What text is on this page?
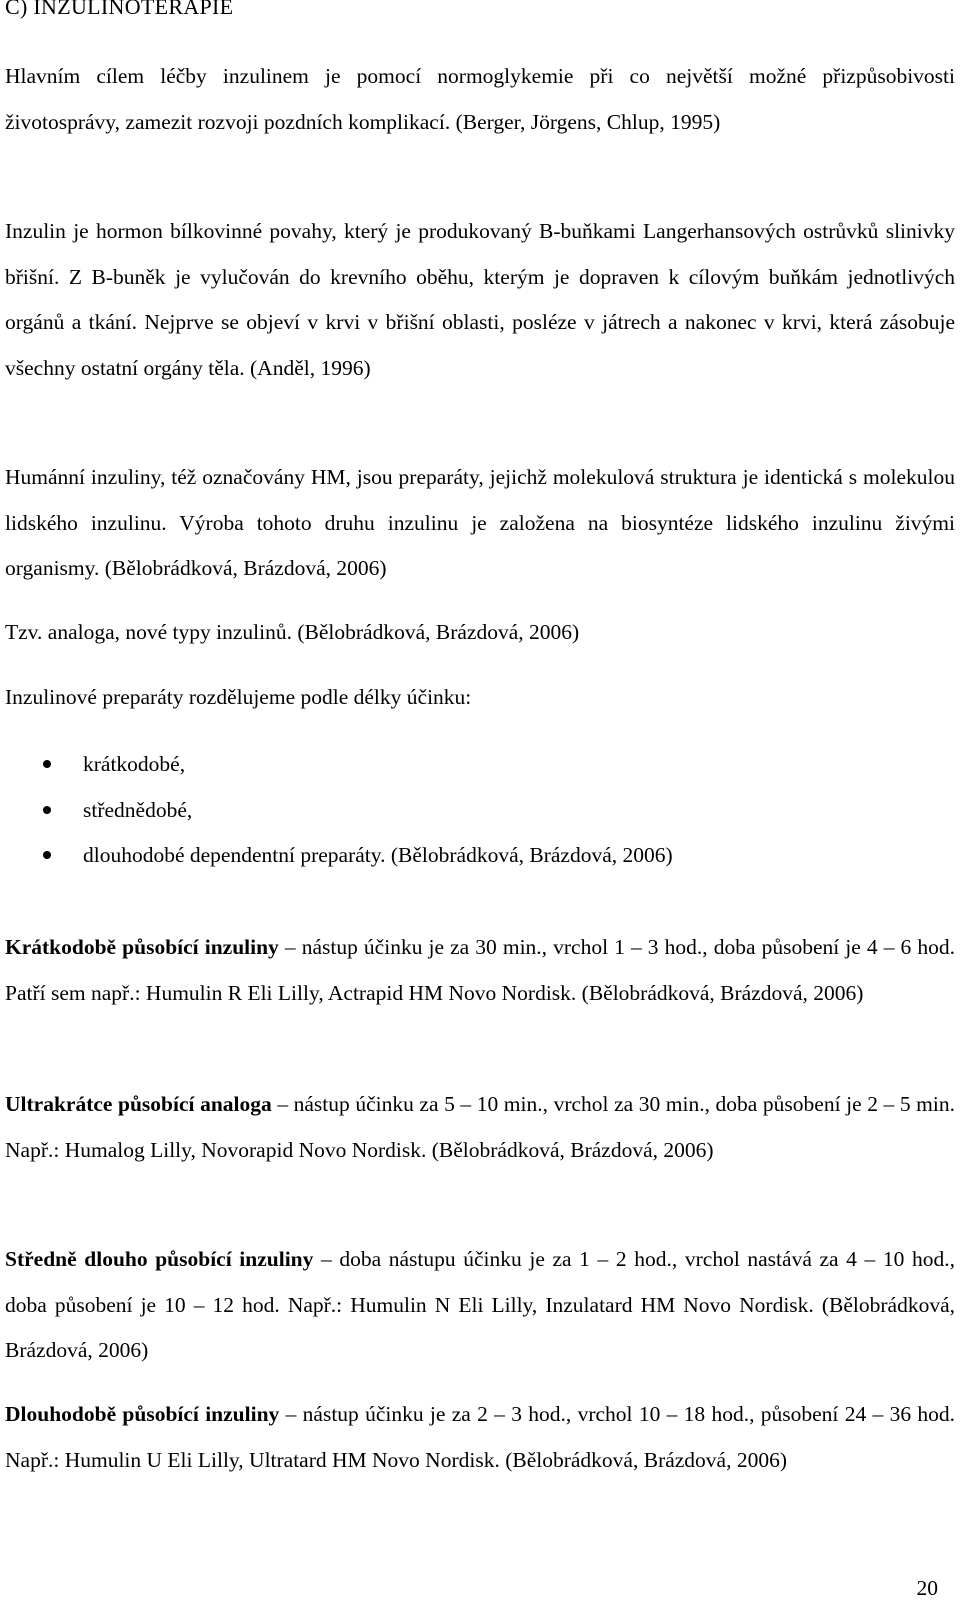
C) INZULINOTERAPIE

Hlavním cílem léčby inzulinem je pomocí normoglykemie při co největší možné přizpůsobivosti životosprávy, zamezit rozvoji pozdních komplikací. (Berger, Jörgens, Chlup, 1995)

Inzulin je hormon bílkovinné povahy, který je produkovaný B-buňkami Langerhansových ostrůvků slinivky břišní. Z B-buněk je vylučován do krevního oběhu, kterým je dopraven k cílovým buňkám jednotlivých orgánů a tkání. Nejprve se objeví v krvi v břišní oblasti, posléze v játrech a nakonec v krvi, která zásobuje všechny ostatní orgány těla. (Anděl, 1996)

Humánní inzuliny, též označovány HM, jsou preparáty, jejichž molekulová struktura je identická s molekulou lidského inzulinu. Výroba tohoto druhu inzulinu je založena na biosyntéze lidského inzulinu živými organismy. (Bělobrádková, Brázdová, 2006)

Tzv. analoga, nové typy inzulinů. (Bělobrádková, Brázdová, 2006)

Inzulinové preparáty rozdělujeme podle délky účinku:

krátkodobé,
střednědobé,
dlouhodobé dependentní preparáty. (Bělobrádková, Brázdová, 2006)

Krátkodobě působící inzuliny – nástup účinku je za 30 min., vrchol 1 – 3 hod., doba působení je 4 – 6 hod. Patří sem např.: Humulin R Eli Lilly, Actrapid HM Novo Nordisk. (Bělobrádková, Brázdová, 2006)

Ultrakrátce působící analoga – nástup účinku za 5 – 10 min., vrchol za 30 min., doba působení je 2 – 5 min. Např.: Humalog Lilly, Novorapid Novo Nordisk. (Bělobrádková, Brázdová, 2006)

Středně dlouho působící inzuliny – doba nástupu účinku je za 1 – 2 hod., vrchol nastává za 4 – 10 hod., doba působení je 10 – 12 hod. Např.: Humulin N Eli Lilly, Inzulatard HM Novo Nordisk. (Bělobrádková, Brázdová, 2006)

Dlouhodobě působící inzuliny – nástup účinku je za 2 – 3 hod., vrchol 10 – 18 hod., působení 24 – 36 hod. Např.: Humulin U Eli Lilly, Ultratard HM Novo Nordisk. (Bělobrádková, Brázdová, 2006)

20
